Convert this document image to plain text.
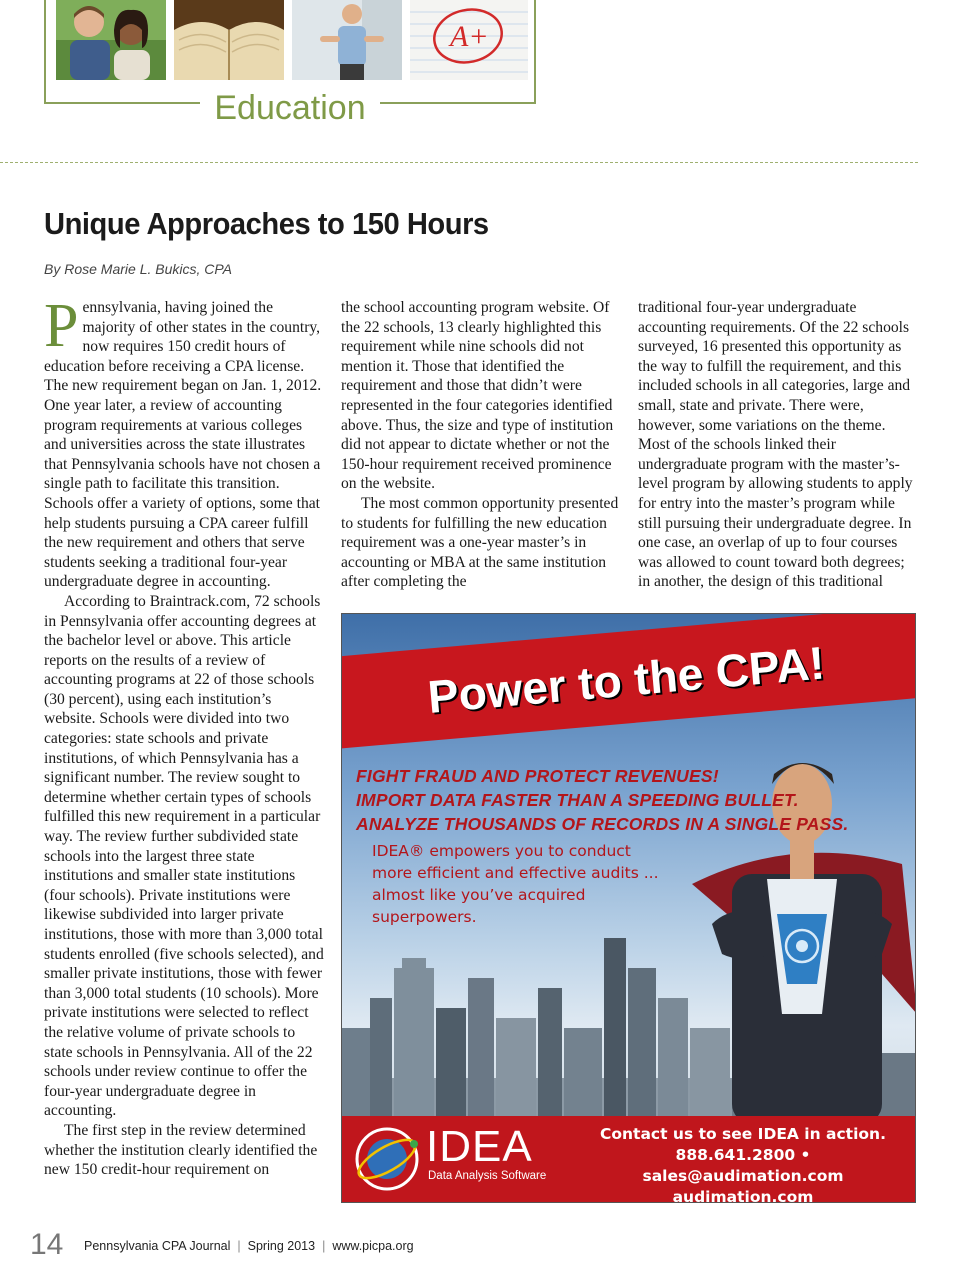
A+
Education
Unique Approaches to 150 Hours
By Rose Marie L. Bukics, CPA

Pennsylvania, having joined the majority of other states in the country, now requires 150 credit hours of education before receiving a CPA license. The new requirement began on Jan. 1, 2012. One year later, a review of accounting program requirements at various colleges and universities across the state illustrates that Pennsylvania schools have not chosen a single path to facilitate this transition. Schools offer a variety of options, some that help students pursuing a CPA career fulfill the new requirement and others that serve students seeking a traditional four-year undergraduate degree in accounting.

According to Braintrack.com, 72 schools in Pennsylvania offer accounting degrees at the bachelor level or above. This article reports on the results of a review of accounting programs at 22 of those schools (30 percent), using each institution’s website. Schools were divided into two categories: state schools and private institutions, of which Pennsylvania has a significant number. The review sought to determine whether certain types of schools fulfilled this new requirement in a particular way. The review further subdivided state schools into the largest three state institutions and smaller state institutions (four schools). Private institutions were likewise subdivided into larger private institutions, those with more than 3,000 total students enrolled (five schools selected), and smaller private institutions, those with fewer than 3,000 total students (10 schools). More private institutions were selected to reflect the relative volume of private schools to state schools in Pennsylvania. All of the 22 schools under review continue to offer the four-year undergraduate degree in accounting.

The first step in the review determined whether the institution clearly identified the new 150 credit-hour requirement on

the school accounting program website. Of the 22 schools, 13 clearly highlighted this requirement while nine schools did not mention it. Those that identified the requirement and those that didn’t were represented in the four categories identified above. Thus, the size and type of institution did not appear to dictate whether or not the 150-hour requirement received prominence on the website.

The most common opportunity presented to students for fulfilling the new education requirement was a one-year master’s in accounting or MBA at the same institution after completing the

traditional four-year undergraduate accounting requirements. Of the 22 schools surveyed, 16 presented this opportunity as the way to fulfill the requirement, and this included schools in all categories, large and small, state and private. There were, however, some variations on the theme. Most of the schools linked their undergraduate program with the master’s-level program by allowing students to apply for entry into the master’s program while still pursuing their undergraduate degree. In one case, an overlap of up to four courses was allowed to count toward both degrees; in another, the design of this traditional

Power to the CPA!
FIGHT FRAUD AND PROTECT REVENUES!
IMPORT DATA FASTER THAN A SPEEDING BULLET.
ANALYZE THOUSANDS OF RECORDS IN A SINGLE PASS.
IDEA® empowers you to conduct more efficient and effective audits ... almost like you’ve acquired superpowers.
IDEA
Data Analysis Software
Contact us to see IDEA in action.
888.641.2800 • sales@audimation.com
audimation.com
14 Pennsylvania CPA Journal | Spring 2013 | www.picpa.org
